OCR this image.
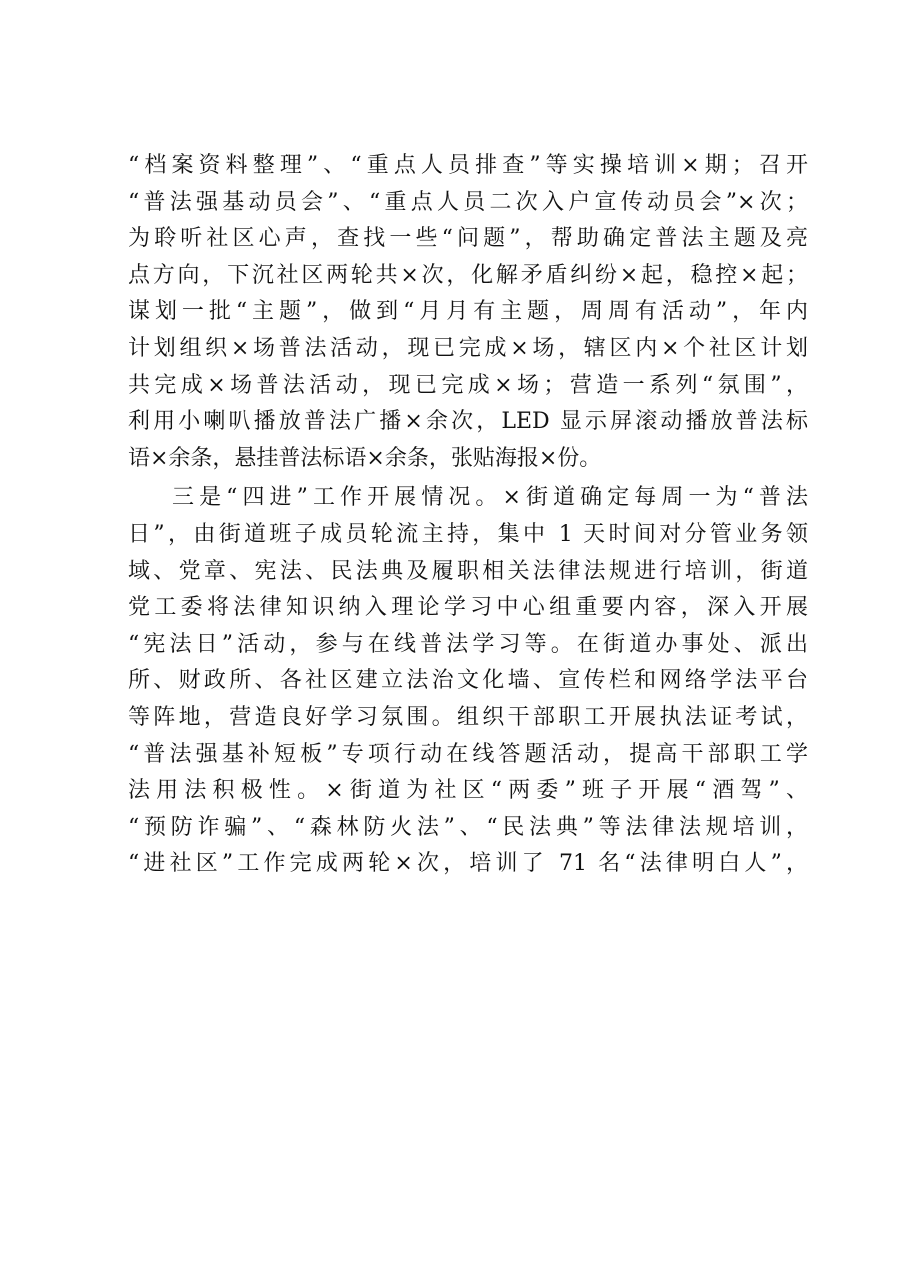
“档案资料整理”、“重点人员排查”等实操培训×期；召开
“普法强基动员会”、“重点人员二次入户宣传动员会”×次；
为聆听社区心声，查找一些“问题”，帮助确定普法主题及亮
点方向，下沉社区两轮共×次，化解矛盾纠纷×起，稳控×起；
谋划一批“主题”，做到“月月有主题，周周有活动”，年内
计划组织×场普法活动，现已完成×场，辖区内×个社区计划
共完成×场普法活动，现已完成×场；营造一系列“氛围”，
利用小喇叭播放普法广播×余次，LED 显示屏滚动播放普法标
语×余条，悬挂普法标语×余条，张贴海报×份。
三是“四进”工作开展情况。×街道确定每周一为“普法
日”，由街道班子成员轮流主持，集中 1 天时间对分管业务领
域、党章、宪法、民法典及履职相关法律法规进行培训，街道
党工委将法律知识纳入理论学习中心组重要内容，深入开展
“宪法日”活动，参与在线普法学习等。在街道办事处、派出
所、财政所、各社区建立法治文化墙、宣传栏和网络学法平台
等阵地，营造良好学习氛围。组织干部职工开展执法证考试，
“普法强基补短板”专项行动在线答题活动，提高干部职工学
法用法积极性。×街道为社区“两委”班子开展“酒驾”、
“预防诈骗”、“森林防火法”、“民法典”等法律法规培训，
“进社区”工作完成两轮×次，培训了 71 名“法律明白人”，
